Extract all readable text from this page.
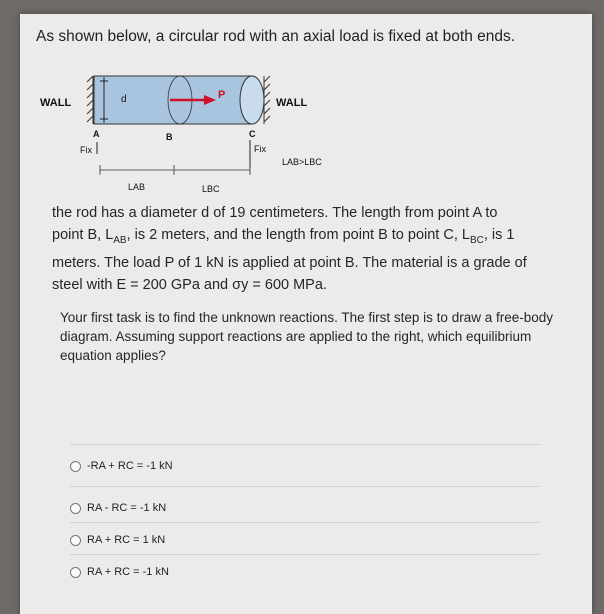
As shown below, a circular rod with an axial load is fixed at both ends.

WALL	d	P
WALL
A	B	C
Fix	Fix
LAB	LBC
LAB>LBC

the rod has a diameter d of 19 centimeters. The length from point A to
point B, $L_{AB}$, is 2 meters, and the length from point B to point C, $L_{BC}$, is 1
meters. The load P of 1 kN is applied at point B. The material is a grade of
steel with E = 200 GPa and σy = 600 MPa.

Your first task is to find the unknown reactions. The first step is to draw a free-body diagram. Assuming support reactions are applied to the right, which equilibrium equation applies?

-RA + RC = -1 kN
RA - RC = -1 kN
RA + RC = 1 kN
RA + RC = -1 kN
